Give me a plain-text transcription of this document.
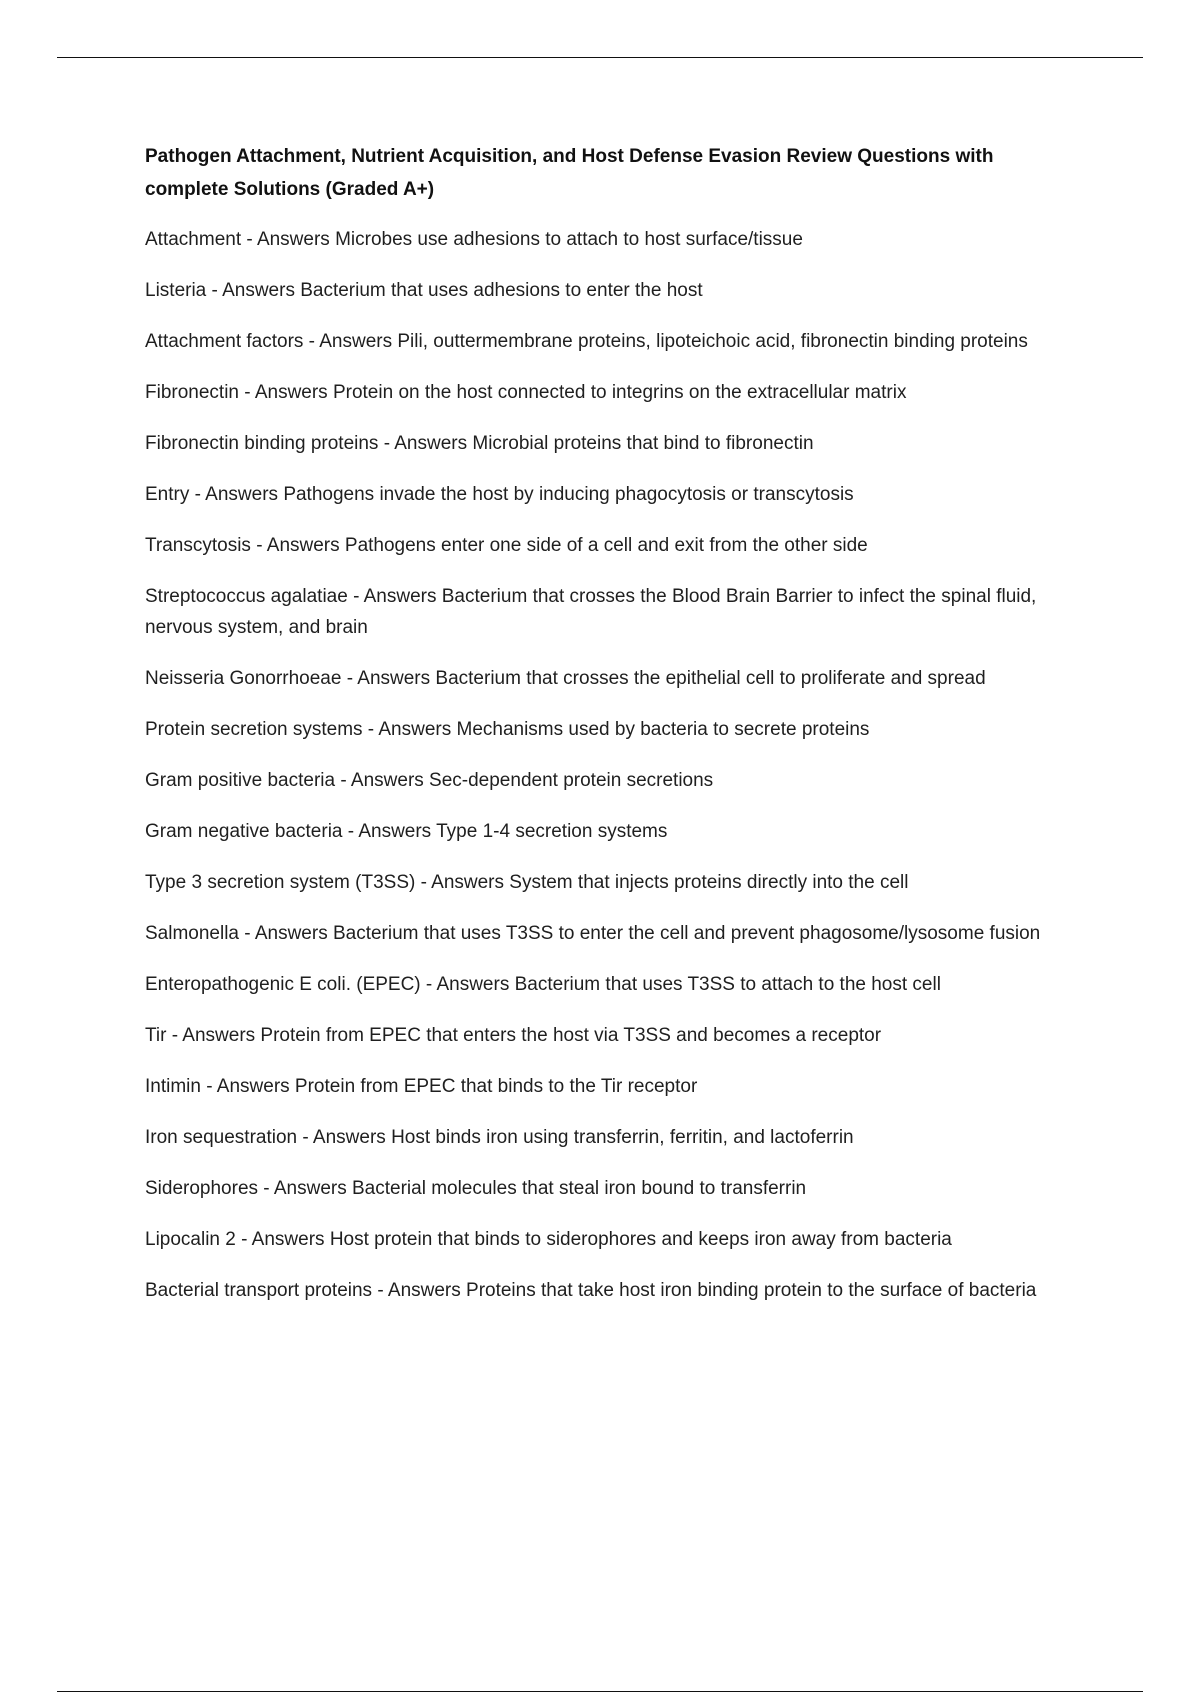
Pathogen Attachment, Nutrient Acquisition, and Host Defense Evasion Review Questions with complete Solutions (Graded A+)

Attachment - Answers Microbes use adhesions to attach to host surface/tissue

Listeria - Answers Bacterium that uses adhesions to enter the host

Attachment factors - Answers Pili, outtermembrane proteins, lipoteichoic acid, fibronectin binding proteins

Fibronectin - Answers Protein on the host connected to integrins on the extracellular matrix

Fibronectin binding proteins - Answers Microbial proteins that bind to fibronectin

Entry - Answers Pathogens invade the host by inducing phagocytosis or transcytosis

Transcytosis - Answers Pathogens enter one side of a cell and exit from the other side

Streptococcus agalatiae - Answers Bacterium that crosses the Blood Brain Barrier to infect the spinal fluid, nervous system, and brain

Neisseria Gonorrhoeae - Answers Bacterium that crosses the epithelial cell to proliferate and spread

Protein secretion systems - Answers Mechanisms used by bacteria to secrete proteins

Gram positive bacteria - Answers Sec-dependent protein secretions

Gram negative bacteria - Answers Type 1-4 secretion systems

Type 3 secretion system (T3SS) - Answers System that injects proteins directly into the cell

Salmonella - Answers Bacterium that uses T3SS to enter the cell and prevent phagosome/lysosome fusion

Enteropathogenic E coli. (EPEC) - Answers Bacterium that uses T3SS to attach to the host cell

Tir - Answers Protein from EPEC that enters the host via T3SS and becomes a receptor

Intimin - Answers Protein from EPEC that binds to the Tir receptor

Iron sequestration - Answers Host binds iron using transferrin, ferritin, and lactoferrin

Siderophores - Answers Bacterial molecules that steal iron bound to transferrin

Lipocalin 2 - Answers Host protein that binds to siderophores and keeps iron away from bacteria

Bacterial transport proteins - Answers Proteins that take host iron binding protein to the surface of bacteria
